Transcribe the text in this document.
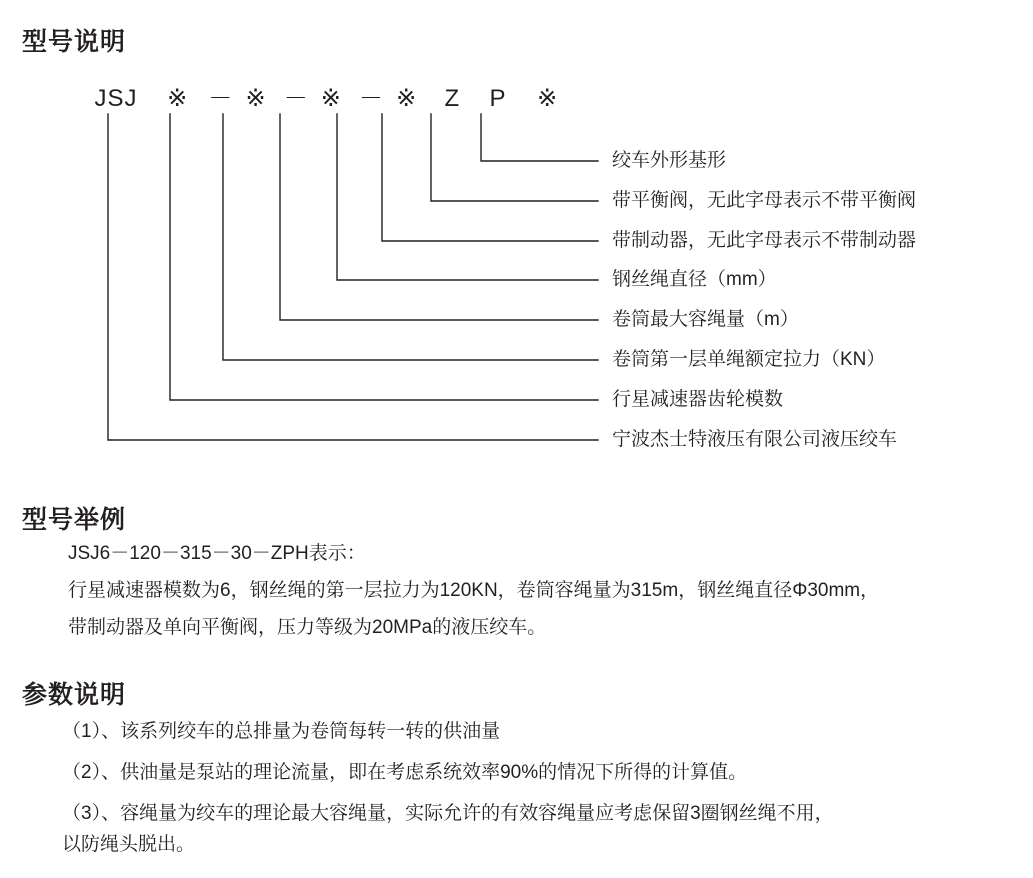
型号说明
JSJ ※ － ※ － ※ － ※ Z P ※
绞车外形基形
带平衡阀，无此字母表示不带平衡阀
带制动器，无此字母表示不带制动器
钢丝绳直径（mm）
卷筒最大容绳量（m）
卷筒第一层单绳额定拉力（KN）
行星减速器齿轮模数
宁波杰士特液压有限公司液压绞车
型号举例

JSJ6－120－315－30－ZPH表示：

行星减速器模数为6，钢丝绳的第一层拉力为120KN，卷筒容绳量为315m，钢丝绳直径Φ30mm，

带制动器及单向平衡阀，压力等级为20MPa的液压绞车。

参数说明

（1）、该系列绞车的总排量为卷筒每转一转的供油量

（2）、供油量是泵站的理论流量，即在考虑系统效率90%的情况下所得的计算值。

（3）、容绳量为绞车的理论最大容绳量，实际允许的有效容绳量应考虑保留3圈钢丝绳不用，

以防绳头脱出。
